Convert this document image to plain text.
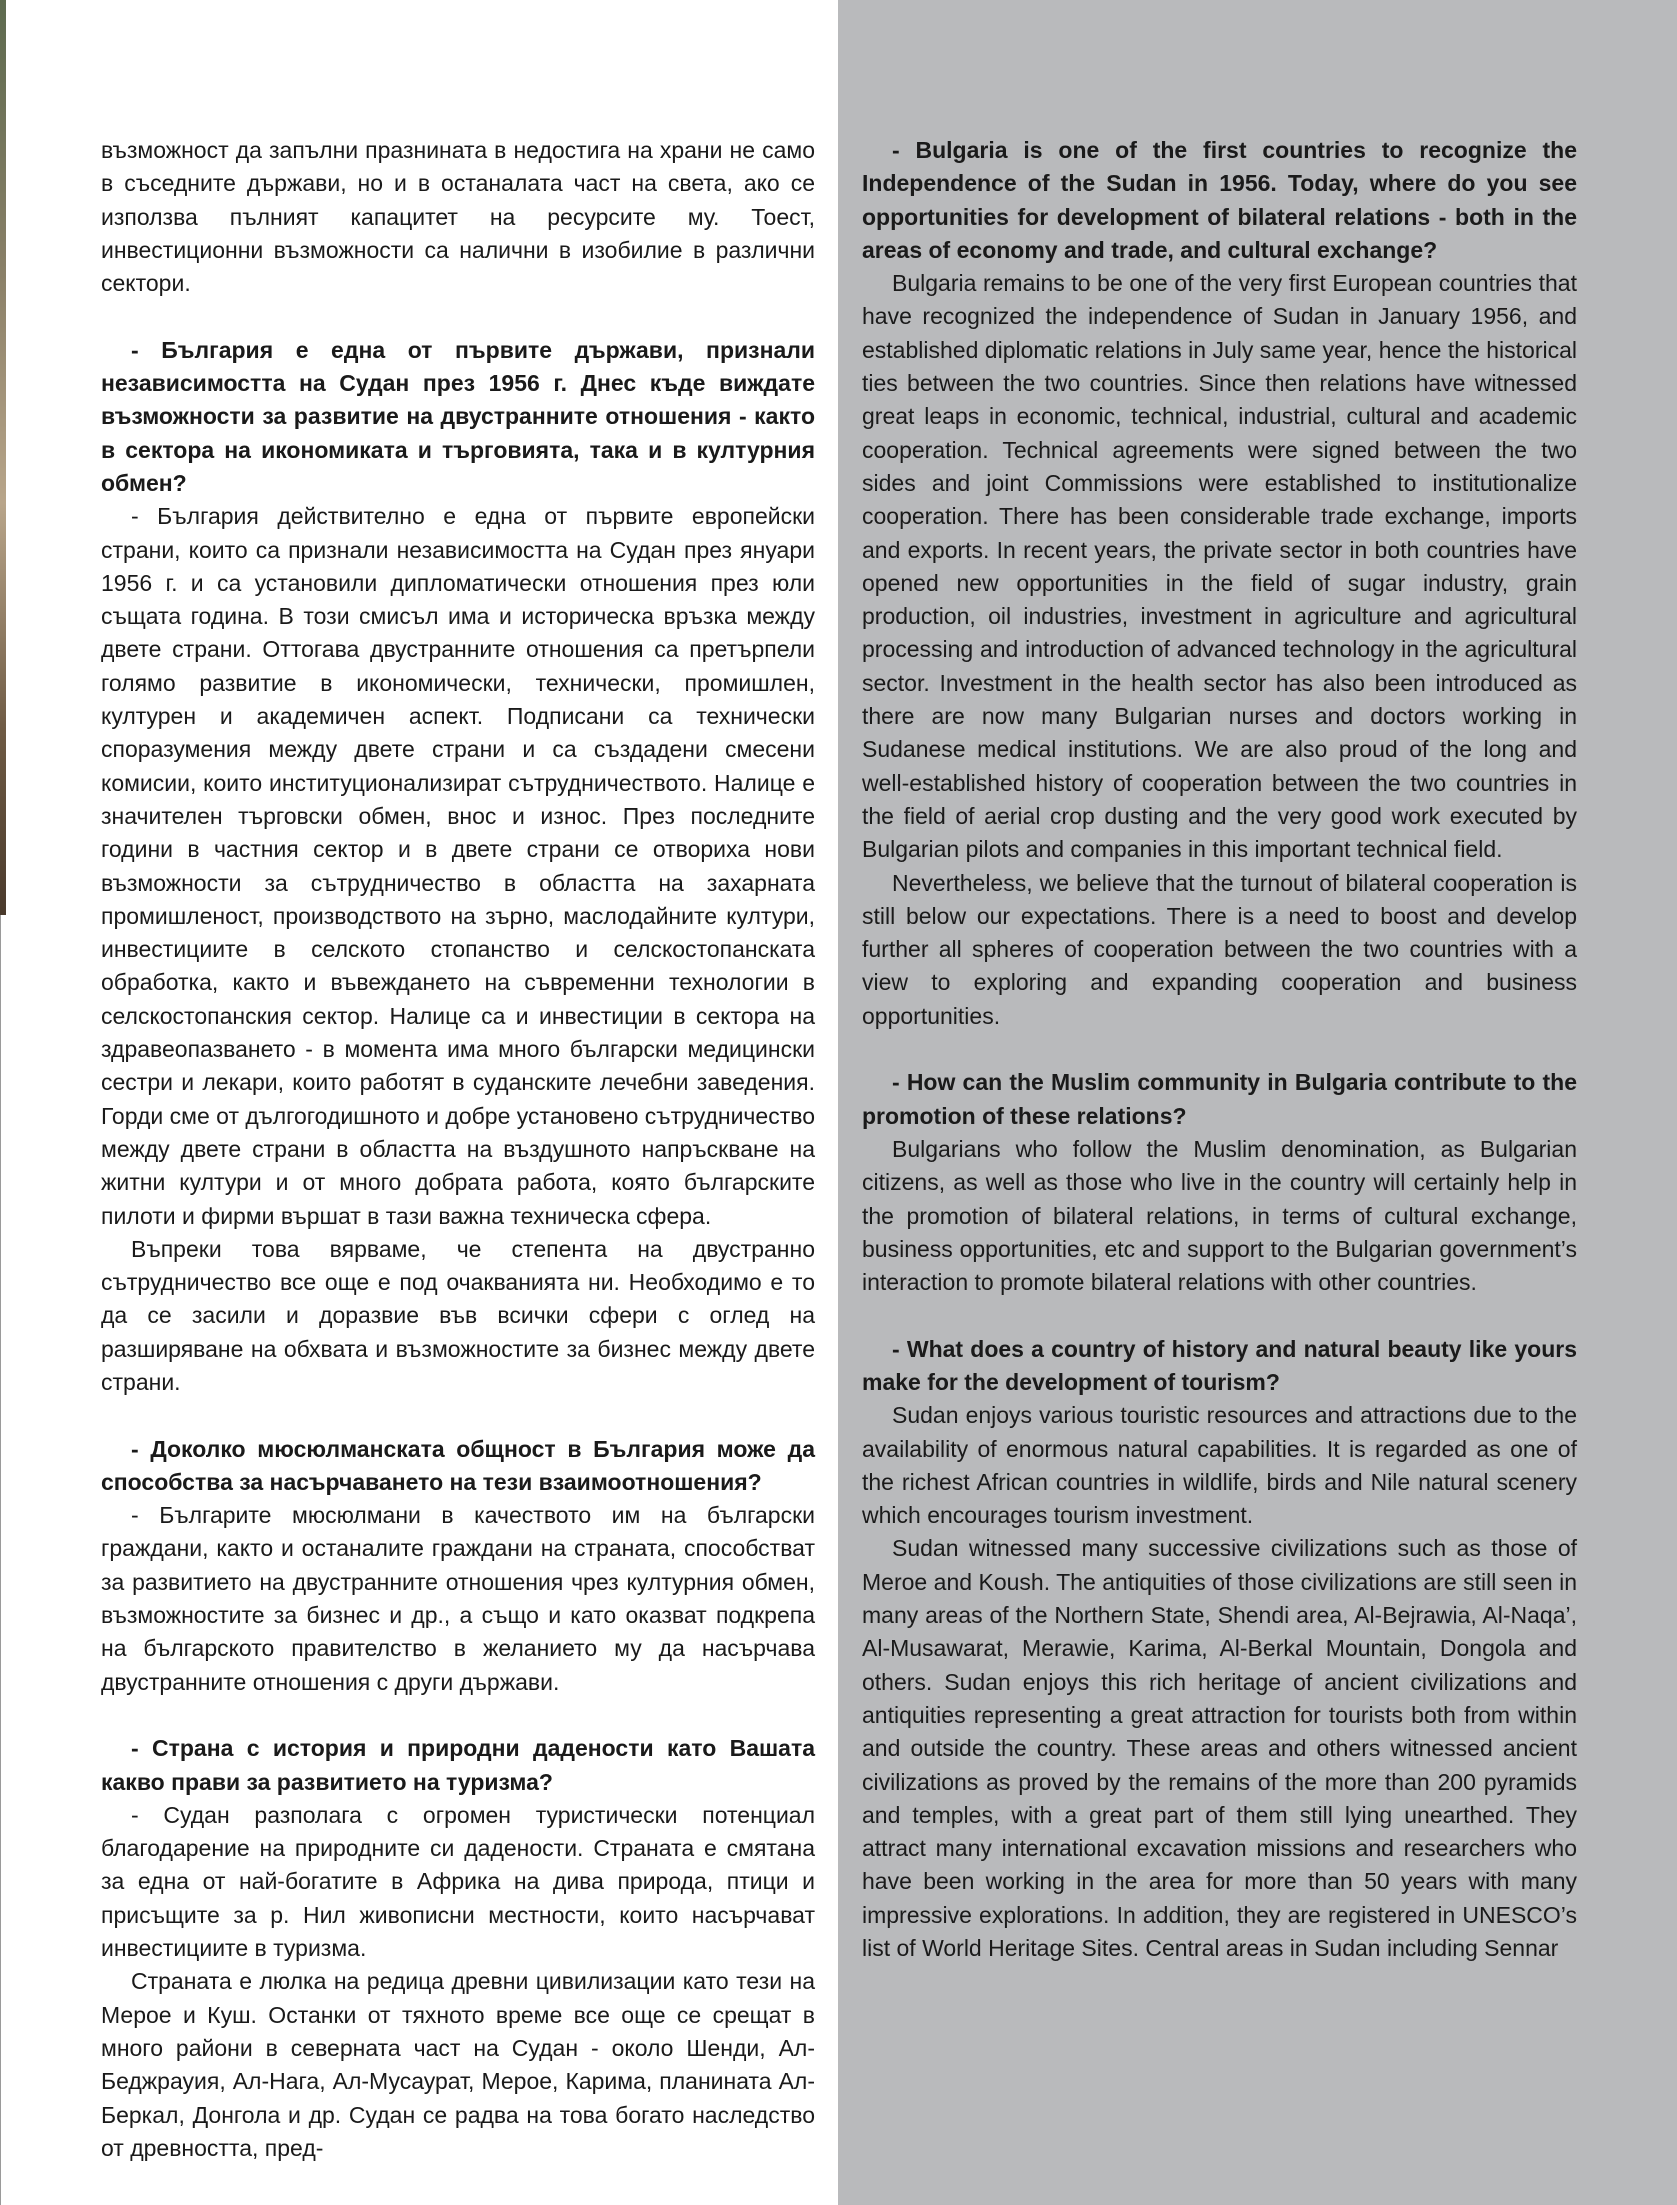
възможност да запълни празнината в недостига на храни не само в съседните държави, но и в останалата част на света, ако се използва пълният капацитет на ресурсите му. Тоест, инвестиционни възможности са налични в изобилие в различни сектори.

- България е една от първите държави, признали независимостта на Судан през 1956 г. Днес къде виждате възможности за развитие на двустранните отношения - както в сектора на икономиката и търговията, така и в културния обмен?

- България действително е една от първите европейски страни, които са признали независимостта на Судан през януари 1956 г. и са установили дипломатически отношения през юли същата година. В този смисъл има и историческа връзка между двете страни. Оттогава двустранните отношения са претърпели голямо развитие в икономически, технически, промишлен, културен и академичен аспект. Подписани са технически споразумения между двете страни и са създадени смесени комисии, които институционализират сътрудничеството. Налице е значителен търговски обмен, внос и износ. През последните години в частния сектор и в двете страни се отвориха нови възможности за сътрудничество в областта на захарната промишленост, производството на зърно, маслодайните култури, инвестициите в селското стопанство и селскостопанската обработка, както и въвеждането на съвременни технологии в селскостопанския сектор. Налице са и инвестиции в сектора на здравеопазването - в момента има много български медицински сестри и лекари, които работят в суданските лечебни заведения. Горди сме от дългогодишното и добре установено сътрудничество между двете страни в областта на въздушното напръскване на житни култури и от много добрата работа, която българските пилоти и фирми вършат в тази важна техническа сфера.

Въпреки това вярваме, че степента на двустранно сътрудничество все още е под очакванията ни. Необходимо е то да се засили и доразвие във всички сфери с оглед на разширяване на обхвата и възможностите за бизнес между двете страни.

- Доколко мюсюлманската общност в България може да способства за насърчаването на тези взаимоотношения?

- Българите мюсюлмани в качеството им на български граждани, както и останалите граждани на страната, способстват за развитието на двустранните отношения чрез културния обмен, възможностите за бизнес и др., а също и като оказват подкрепа на българското правителство в желанието му да насърчава двустранните отношения с други държави.

- Страна с история и природни дадености като Вашата какво прави за развитието на туризма?

- Судан разполага с огромен туристически потенциал благодарение на природните си дадености. Страната е смятана за една от най-богатите в Африка на дива природа, птици и присъщите за р. Нил живописни местности, които насърчават инвестициите в туризма.

Страната е люлка на редица древни цивилизации като тези на Мерое и Куш. Останки от тяхното време все още се срещат в много райони в северната част на Судан - около Шенди, Ал-Беджрауия, Ал-Нага, Ал-Мусаурат, Мерое, Карима, планината Ал-Беркал, Донгола и др. Судан се радва на това богато наследство от древността, пред-

- Bulgaria is one of the first countries to recognize the Independence of the Sudan in 1956. Today, where do you see opportunities for development of bilateral relations - both in the areas of economy and trade, and cultural exchange?

Bulgaria remains to be one of the very first European countries that have recognized the independence of Sudan in January 1956, and established diplomatic relations in July same year, hence the historical ties between the two countries. Since then relations have witnessed great leaps in economic, technical, industrial, cultural and academic cooperation. Technical agreements were signed between the two sides and joint Commissions were established to institutionalize cooperation. There has been considerable trade exchange, imports and exports. In recent years, the private sector in both countries have opened new opportunities in the field of sugar industry, grain production, oil industries, investment in agriculture and agricultural processing and introduction of advanced technology in the agricultural sector. Investment in the health sector has also been introduced as there are now many Bulgarian nurses and doctors working in Sudanese medical institutions. We are also proud of the long and well-established history of cooperation between the two countries in the field of aerial crop dusting and the very good work executed by Bulgarian pilots and companies in this important technical field.

Nevertheless, we believe that the turnout of bilateral cooperation is still below our expectations. There is a need to boost and develop further all spheres of cooperation between the two countries with a view to exploring and expanding cooperation and business opportunities.

- How can the Muslim community in Bulgaria contribute to the promotion of these relations?

Bulgarians who follow the Muslim denomination, as Bulgarian citizens, as well as those who live in the country will certainly help in the promotion of bilateral relations, in terms of cultural exchange, business opportunities, etc and support to the Bulgarian government’s interaction to promote bilateral relations with other countries.

- What does a country of history and natural beauty like yours make for the development of tourism?

Sudan enjoys various touristic resources and attractions due to the availability of enormous natural capabilities. It is regarded as one of the richest African countries in wildlife, birds and Nile natural scenery which encourages tourism investment.

Sudan witnessed many successive civilizations such as those of Meroe and Koush. The antiquities of those civilizations are still seen in many areas of the Northern State, Shendi area, Al-Bejrawia, Al-Naqa’, Al-Musawarat, Merawie, Karima, Al-Berkal Mountain, Dongola and others. Sudan enjoys this rich heritage of ancient civilizations and antiquities representing a great attraction for tourists both from within and outside the country. These areas and others witnessed ancient civilizations as proved by the remains of the more than 200 pyramids and temples, with a great part of them still lying unearthed. They attract many international excavation missions and researchers who have been working in the area for more than 50 years with many impressive explorations. In addition, they are registered in UNESCO’s list of World Heritage Sites. Central areas in Sudan including Sennar
